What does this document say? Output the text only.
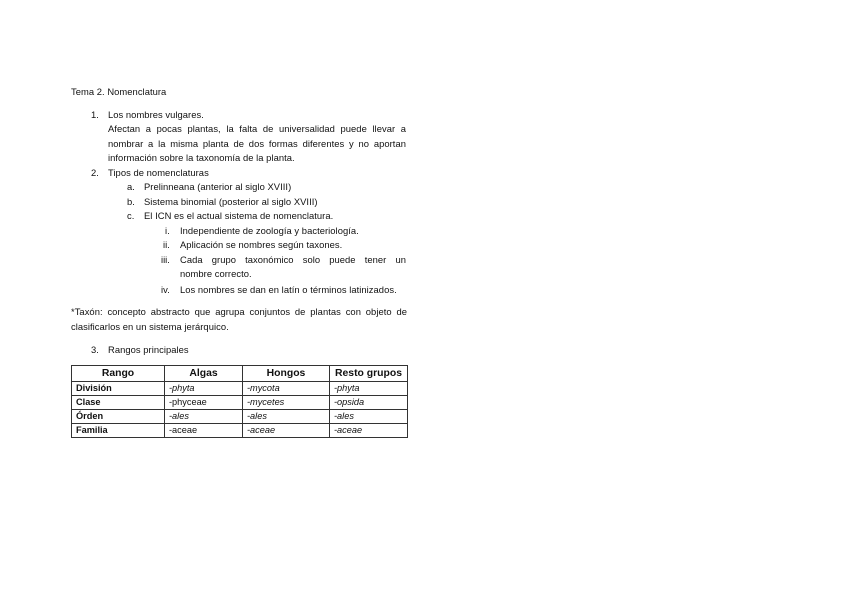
Tema 2. Nomenclatura
1. Los nombres vulgares.
Afectan a pocas plantas, la falta de universalidad puede llevar a
nombrar a la misma planta de dos formas diferentes y no aportan
información sobre la taxonomía de la planta.
2. Tipos de nomenclaturas
a. Prelinneana (anterior al siglo XVIII)
b. Sistema binomial (posterior al siglo XVIII)
c. El ICN es el actual sistema de nomenclatura.
i. Independiente de zoología y bacteriología.
ii. Aplicación se nombres según taxones.
iii. Cada grupo taxonómico solo puede tener un
nombre correcto.
iv. Los nombres se dan en latín o términos latinizados.
*Taxón: concepto abstracto que agrupa conjuntos de plantas con objeto de
clasificarlos en un sistema jerárquico.
3. Rangos principales
Rango	Algas	Hongos	Resto grupos
División	-phyta	-mycota	-phyta
Clase	-phyceae	-mycetes	-opsida
Órden	-ales	-ales	-ales
Familia	-aceae	-aceae	-aceae
